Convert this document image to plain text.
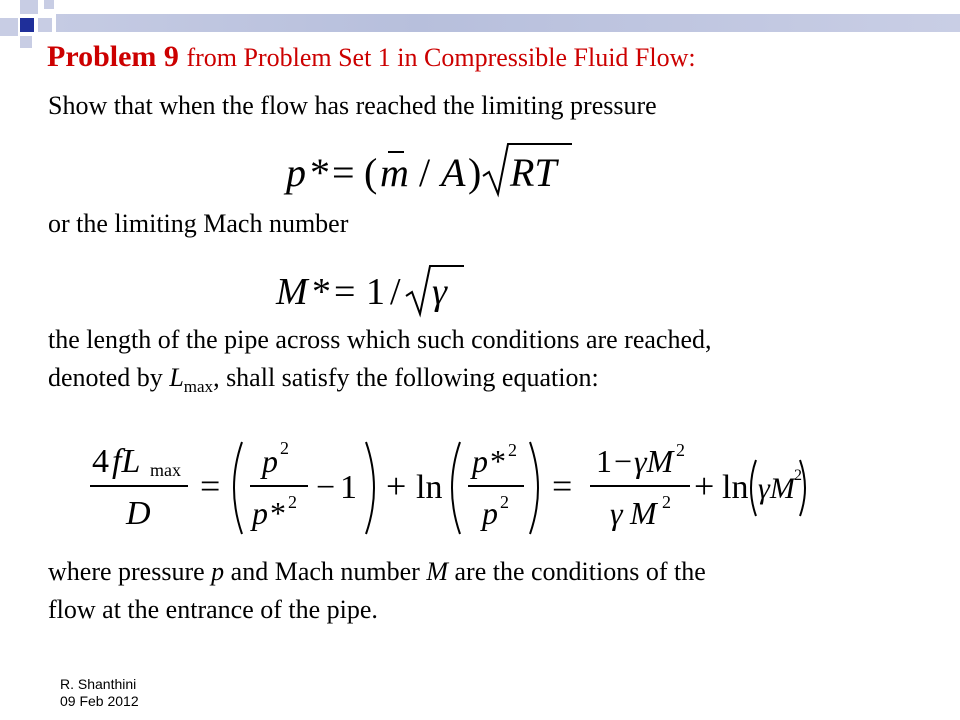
Problem 9 from Problem Set 1 in Compressible Fluid Flow:
Show that when the flow has reached the limiting pressure
p * = ( m / A ) RT
or the limiting Mach number
M * = 1 / γ
the length of the pipe across which such conditions are reached,
denoted by $L_{max}$, shall satisfy the following equation:
4 fL max
D
=
p 2
p * 2 − 1 + ln
p * 2
p 2 =
1 − γM 2
γ M 2 + ln γM 2
where pressure p and Mach number M are the conditions of the
flow at the entrance of the pipe.
R. Shanthini
09 Feb 2012
